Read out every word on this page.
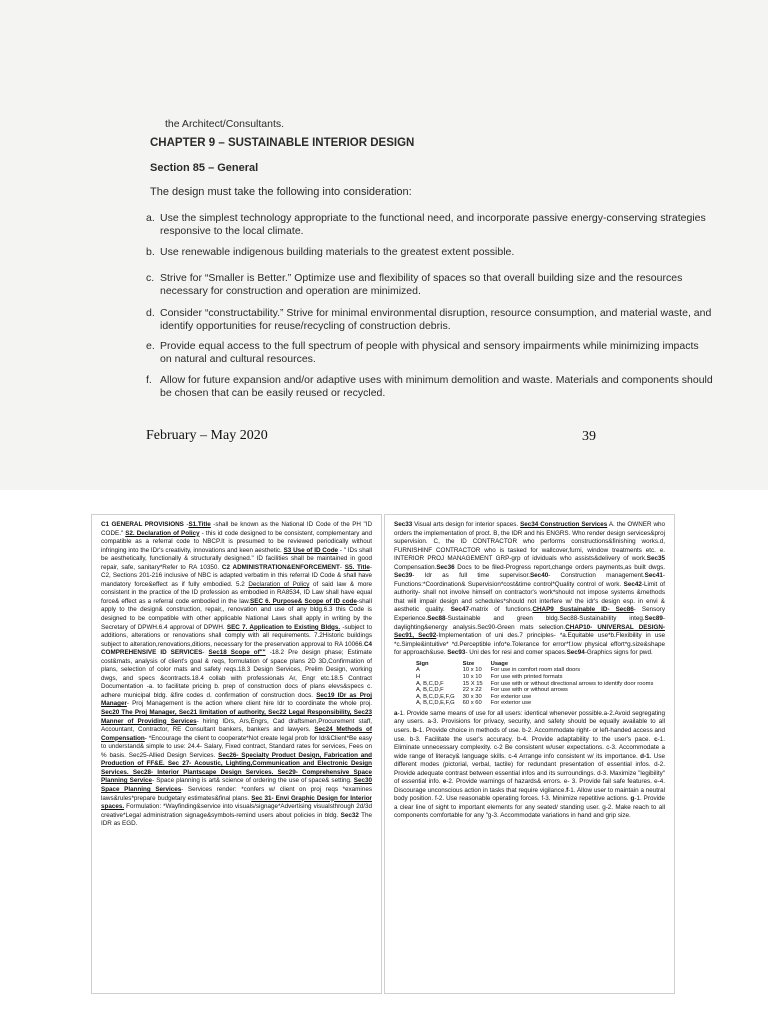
the Architect/Consultants.

CHAPTER 9 – SUSTAINABLE INTERIOR DESIGN

Section 85 – General

The design must take the following into consideration:

a. Use the simplest technology appropriate to the functional need, and incorporate passive energy-conserving strategies
responsive to the local climate.
b. Use renewable indigenous building materials to the greatest extent possible.
c. Strive for “Smaller is Better.” Optimize use and flexibility of spaces so that overall building size and the resources
necessary for construction and operation are minimized.
d. Consider “constructability.” Strive for minimal environmental disruption, resource consumption, and material waste, and
identify opportunities for reuse/recycling of construction debris.
e. Provide equal access to the full spectrum of people with physical and sensory impairments while minimizing impacts
on natural and cultural resources.
f. Allow for future expansion and/or adaptive uses with minimum demolition and waste. Materials and components should
be chosen that can be easily reused or recycled.

February – May 2020	39

C1 GENERAL PROVISIONS -S1.Title -shall be known as the National ID Code of the PH "ID CODE." S2. Declaration of Policy - this id code designed to be consistent, complementary and compatible as a referral code to NBCP.It is presumed to be reviewed periodically without infringing into the IDr's creativity, innovations and keen aesthetic. S3 Use of ID Code - " IDs shall be aesthetically, functionally & structurally designed." ID facilities shall be maintained in good repair, safe, sanitary*Refer to RA 10350. C2 ADMINISTRATION&ENFORCEMENT- S5. Title- C2, Sections 201-216 inclusive of NBC is adapted verbatim in this referral ID Code & shall have mandatory force&effect as if fully embodied. 5.2 Declaration of Policy of said law & more consistent in the practice of the ID profession as embodied in RA8534, ID Law shall have equal force& effect as a referral code embodied in the law.SEC 6. Purpose& Scope of ID code-shall apply to the design& construction, repair,, renovation and use of any bldg.6.3 this Code is designed to be compatible with other applicable National Laws shall apply in writing by the Secretary of DPWH.6.4 approval of DPWH. SEC 7. Application to Existing Bldgs. -subject to additions, alterations or renovations shall comply with all requirements. 7.2Historic buildings subject to alteration,renovations,ditions, necessary for the preservation approval to RA 10066.C4 COMPREHENSIVE ID SERVICES- Sec18 Scope of"" -18.2 Pre design phase; Estimate cost&mats, analysis of client's goal & reqs, formulation of space plans 2D 3D,Confirmation of plans, selection of color mats and safety reqs.18.3 Design Services, Prelim Design, working dwgs, and specs &contracts.18.4 collab with professionals Ar, Engr etc.18.5 Contract Documentation -a. to facilitate pricing b. prep of construction docs of plans elevs&specs c. adhere municipal bldg. &fire codes d. confirmation of construction docs. Sec19 IDr as Proj Manager- Proj Management is the action where client hire Idr to coordinate the whole proj. Sec20 The Proj Manager, Sec21 limitation of authority, Sec22 Legal Responsibility, Sec23 Manner of Providing Services- hiring IDrs, Ars,Engrs, Cad draftsmen,Procurement staff, Accountant, Contractor, RE Consultant bankers, bankers and lawyers. Sec24 Methods of Compensation- *Encourage the client to cooperate*Not create legal prob for Idr&Client*Be easy to understand& simple to use: 24.4- Salary, Fixed contract, Standard rates for services, Fees on % basis. Sec25-Allied Design Services. Sec26- Specialty Product Design, Fabrication and Production of FF&E. Sec 27- Acoustic, Lighting,Communication and Electronic Design Services. Sec28- Interior Plantscape Design Services. Sec29- Comprehensive Space Planning Service- Space planning is art& science of ordering the use of space& setting. Sec30 Space Planning Services- Services render: *confers w/ client on proj reqs *examines laws&rules*prepare budgetary estimates&final plans. Sec 31- Envi Graphic Design for Interior spaces. Formulation: *Wayfinding&service into visuals/signage*Advertising visualsthrough 2d/3d creative*Legal administration signage&symbols-remind users about policies in bldg. Sec32 The IDR as EGD.

Sec33 Visual arts design for interior spaces. Sec34 Construction Services A. the OWNER who orders the implementation of proct. B, the IDR and his ENGRS. Who render design services&proj supervision. C, the ID CONTRACTOR who performs constructions&finishing works.d, FURNISHINF CONTRACTOR who is tasked for wallcover,furni, window treatments etc. e. INTERIOR PROJ MANAGEMENT GRP-grp of idviduals who assists&delivery of work.Sec35 Compensation.Sec36 Docs to be filed-Progress report,change orders payments,as built dwgs. Sec39- Idr as full time supervisor.Sec40- Construction management.Sec41-Functions:*Coordination& Supervision*cost&time control*Quality control of work. Sec42-Limit of authority- shall not involve himself on contractor's work*should not impose systems &methods that will impair design and schedules*should not interfere w/ the idr's design esp. in envi & aesthetic quality. Sec47-matrix of functions.CHAP9 Sustainable ID- Sec86- Sensory Experience.Sec88-Sustainable and green bldg.Sec88-Sustainability integ.Sec89-daylighting&energy analysis.Sec90-Green mats selection.CHAP10- UNIVERSAL DESIGN- Sec91, Sec92-Implementation of uni des.7 principles- *a.Equitable use*b.Flexibility in use *c.Simple&intuitive* *d.Perceptible info*e.Tolerance for error*f.low physical effort*g.size&shape for approach&use. Sec93- Uni des for resi and comer spaces.Sec94-Graphics signs for pwd.

Sign	Size	Usage
A	10 x 10	For use in comfort room stall doors
H	10 x 10	For use with printed formats
A, B,C,D,F	15 X 15	For use with or without directional arrows to identify door rooms
A, B,C,D,F	22 x 22	For use with or without arrows
A, B,C,D,E,F,G	30 x 30	For exterior use
A, B,C,D,E,F,G	60 x 60	For exterior use

a-1. Provide same means of use for all users: identical whenever possible.a-2.Avoid segregating any users. a-3. Provisions for privacy, security, and safety should be equally available to all users. b-1. Provide choice in methods of use. b-2. Accommodate right- or left-handed access and use. b-3. Facilitate the user's accuracy. b-4. Provide adaptability to the user's pace. c-1. Eliminate unnecessary complexity. c-2 Be consistent w/user expectations. c-3. Accommodate a wide range of literacy& language skills. c-4 Arrange info consistent w/ its importance. d-1. Use different modes (pictorial, verbal, tactile) for redundant presentation of essential infos. d-2. Provide adequate contrast between essential infos and its surroundings. d-3. Maximize "legibility" of essential info. e-2. Provide warnings of hazards& errors. e- 3. Provide fail safe features. e-4. Discourage unconscious action in tasks that require vigilance.f-1. Allow user to maintain a neutral body position. f-2. Use reasonable operating forces. f-3. Minimize repetitive actions. g-1. Provide a clear line of sight to important elements for any seated/ standing user. g-2. Make reach to all components comfortable for any "g-3. Accommodate variations in hand and grip size.
